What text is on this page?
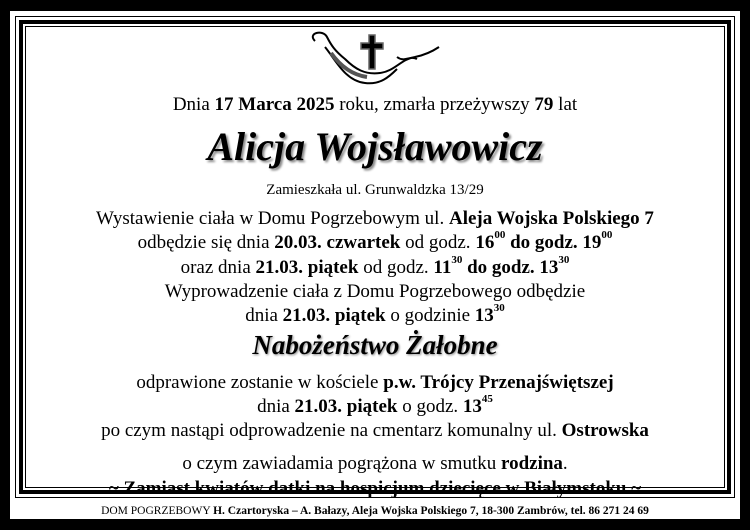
Dnia 17 Marca 2025 roku, zmarła przeżywszy 79 lat
Alicja Wojsławowicz
Zamieszkała ul. Grunwaldzka 13/29
Wystawienie ciała w Domu Pogrzebowym ul. Aleja Wojska Polskiego 7
odbędzie się dnia 20.03. czwartek od godz. $16^{00}$ do godz. $19^{00}$
oraz dnia 21.03. piątek od godz. $11^{30}$ do godz. $13^{30}$
Wyprowadzenie ciała z Domu Pogrzebowego odbędzie
dnia 21.03. piątek o godzinie $13^{30}$
Nabożeństwo Żałobne
odprawione zostanie w kościele p.w. Trójcy Przenajświętszej
dnia 21.03. piątek o godz. $13^{45}$
po czym nastąpi odprowadzenie na cmentarz komunalny ul. Ostrowska
o czym zawiadamia pogrążona w smutku rodzina.
~ Zamiast kwiatów datki na hospicjum dziecięce w Białymstoku ~
DOM POGRZEBOWY H. Czartoryska – A. Bałazy, Aleja Wojska Polskiego 7, 18-300 Zambrów, tel. 86 271 24 69
